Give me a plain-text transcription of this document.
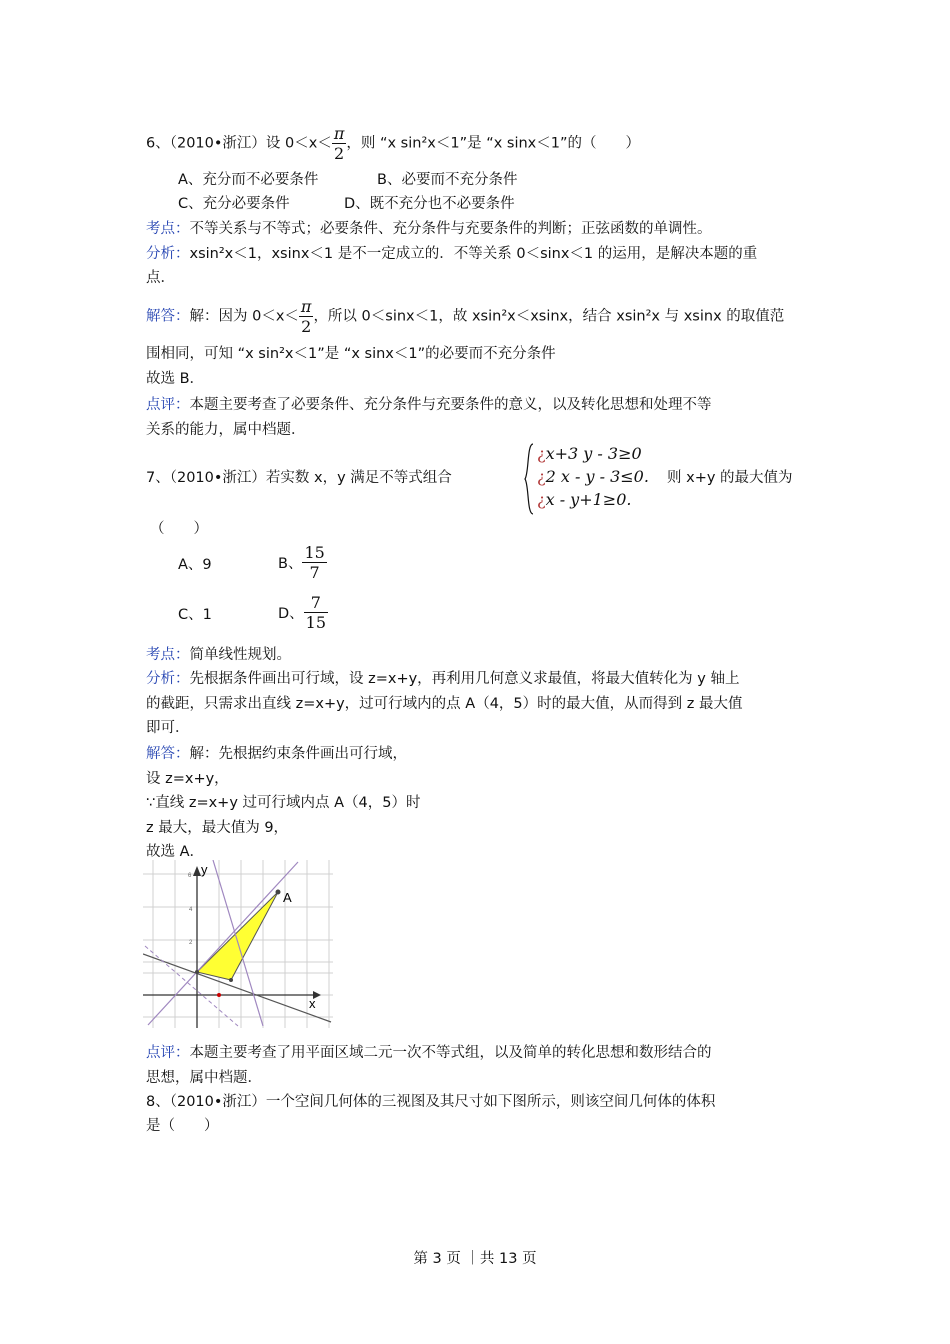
6、（2010•浙江）设 $0<x< \frac{\pi}{2}$ ，则 “x sin²x＜1”是 “x sinx＜1”的（　　）
A、充分而不必要条件	B、必要而不充分条件
C、充分必要条件	D、既不充分也不必要条件
考点：不等关系与不等式；必要条件、充分条件与充要条件的判断；正弦函数的单调性。
分析：xsin²x＜1，xsinx＜1 是不一定成立的．不等关系 0＜sinx＜1 的运用，是解决本题的重
点．
解答：解：因为 $0<x< \frac{\pi}{2}$ ，所以 0＜sinx＜1，故 xsin²x＜xsinx，结合 xsin²x 与 xsinx 的取值范
围相同，可知 “x sin²x＜1”是 “x sinx＜1”的必要而不充分条件
故选 B．
点评：本题主要考查了必要条件、充分条件与充要条件的意义，以及转化思想和处理不等
关系的能力，属中档题．
7、（2010•浙江）若实数 x，y 满足不等式组合
¿x+3 y - 3≥0
¿2 x - y - 3≤0.
¿x - y+1≥0.
则 x+y 的最大值为
（　　）
A、9	B、 $\frac{15}{7}$
C、1	D、 $\frac{7}{15}$
考点：简单线性规划。
分析：先根据条件画出可行域，设 z=x+y，再利用几何意义求最值，将最大值转化为 y 轴上
的截距，只需求出直线 z=x+y，过可行域内的点 A（4，5）时的最大值，从而得到 z 最大值
即可．
解答：解：先根据约束条件画出可行域，
设 z=x+y，
∵直线 z=x+y 过可行域内点 A（4，5）时
z 最大，最大值为 9，
故选 A．
A
y
x
6
4
2
点评：本题主要考查了用平面区域二元一次不等式组，以及简单的转化思想和数形结合的
思想，属中档题．
8、（2010•浙江）一个空间几何体的三视图及其尺寸如下图所示，则该空间几何体的体积
是（　　）
第 3 页 ｜共 13 页
